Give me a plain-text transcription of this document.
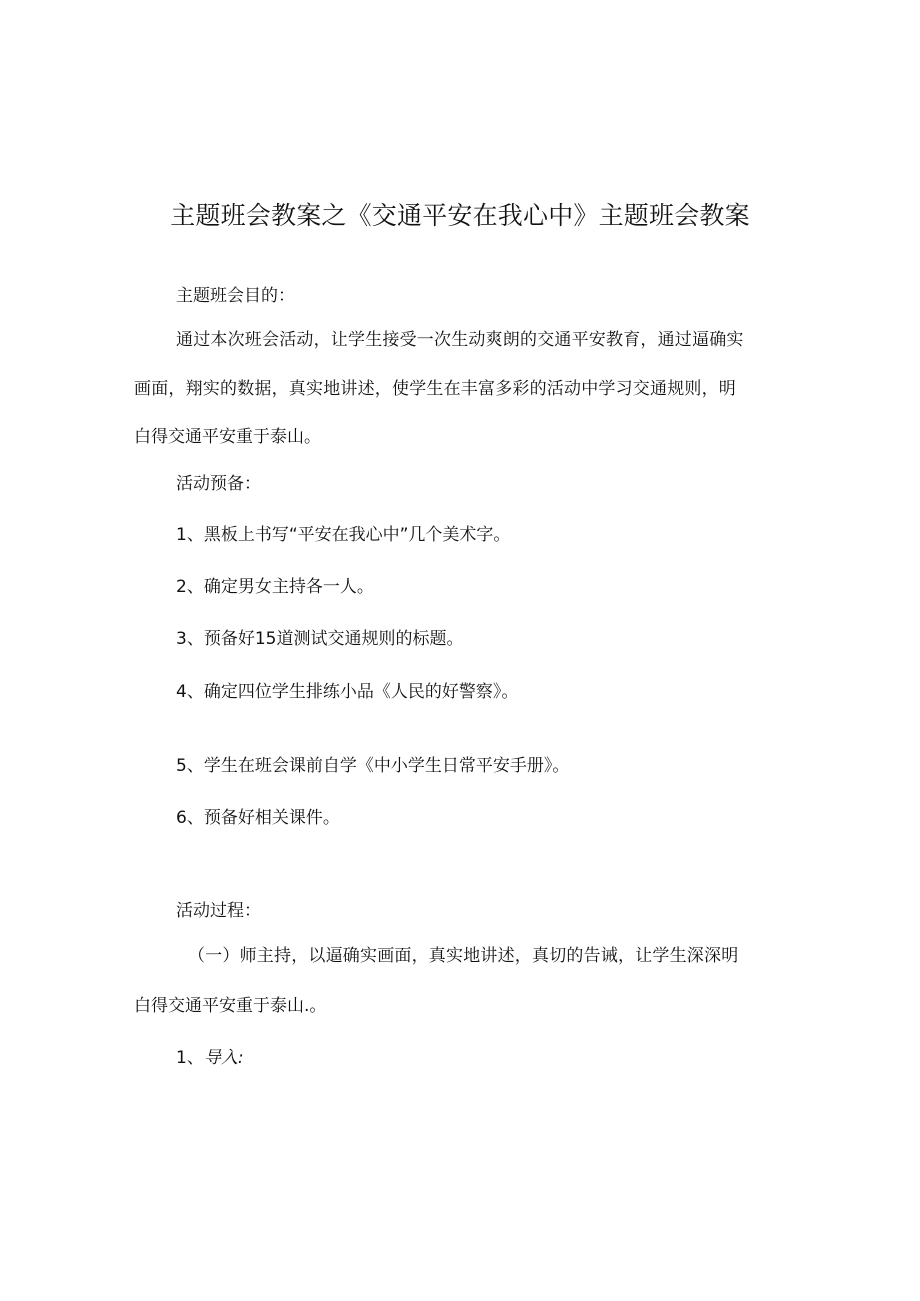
主题班会教案之《交通平安在我心中》主题班会教案
主题班会目的：
通过本次班会活动，让学生接受一次生动爽朗的交通平安教育，通过逼确实
画面，翔实的数据，真实地讲述，使学生在丰富多彩的活动中学习交通规则，明
白得交通平安重于泰山。
活动预备：
1、黑板上书写“平安在我心中”几个美术字。
2、确定男女主持各一人。
3、预备好15道测试交通规则的标题。
4、确定四位学生排练小品《人民的好警察》。
5、学生在班会课前自学《中小学生日常平安手册》。
6、预备好相关课件。
活动过程：
（一）师主持，以逼确实画面，真实地讲述，真切的告诫，让学生深深明
白得交通平安重于泰山.。
1、导入:
